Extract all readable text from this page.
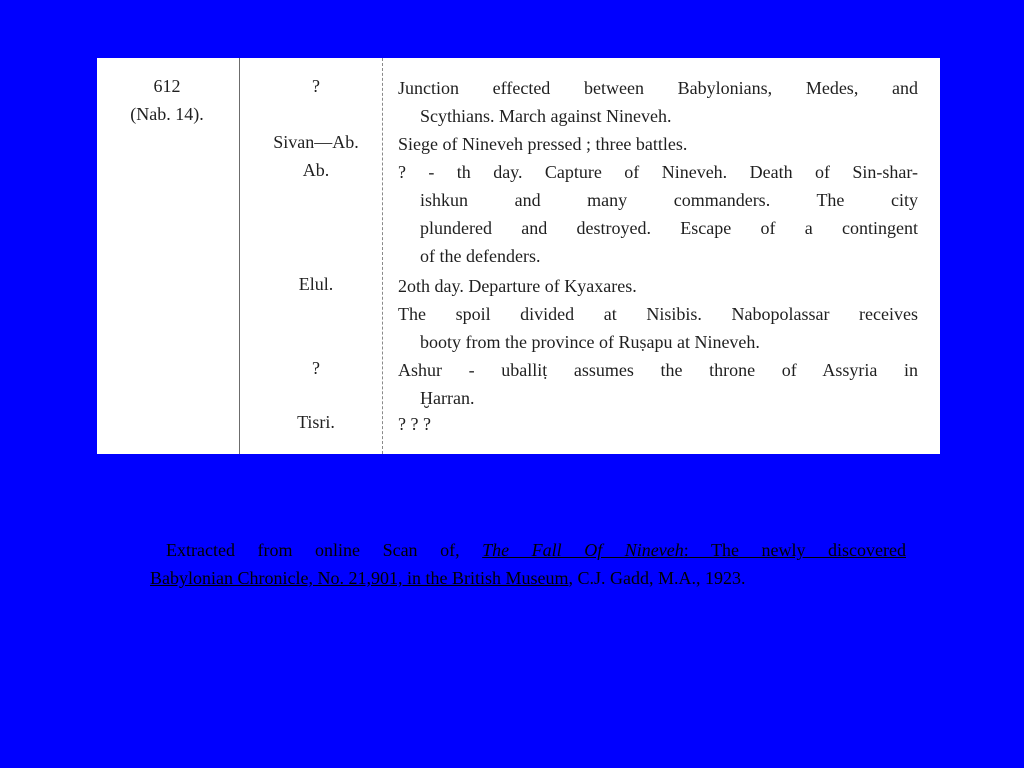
612
(Nab. 14).
?
Sivan—Ab.
Ab.
Elul.
?
Tisri.
Junction effected between Babylonians, Medes, and
Scythians. March against Nineveh.
Siege of Nineveh pressed ; three battles.
? - th day. Capture of Nineveh. Death of Sin-shar-
ishkun and many commanders. The city
plundered and destroyed. Escape of a contingent
of the defenders.
2oth day. Departure of Kyaxares.
The spoil divided at Nisibis. Nabopolassar receives
booty from the province of Ruṣapu at Nineveh.
Ashur - uballiṭ assumes the throne of Assyria in
Ḫarran.
? ? ?
Extracted from online Scan of, The Fall Of Nineveh: The newly discovered
Babylonian Chronicle, No. 21,901, in the British Museum, C.J. Gadd, M.A., 1923.
